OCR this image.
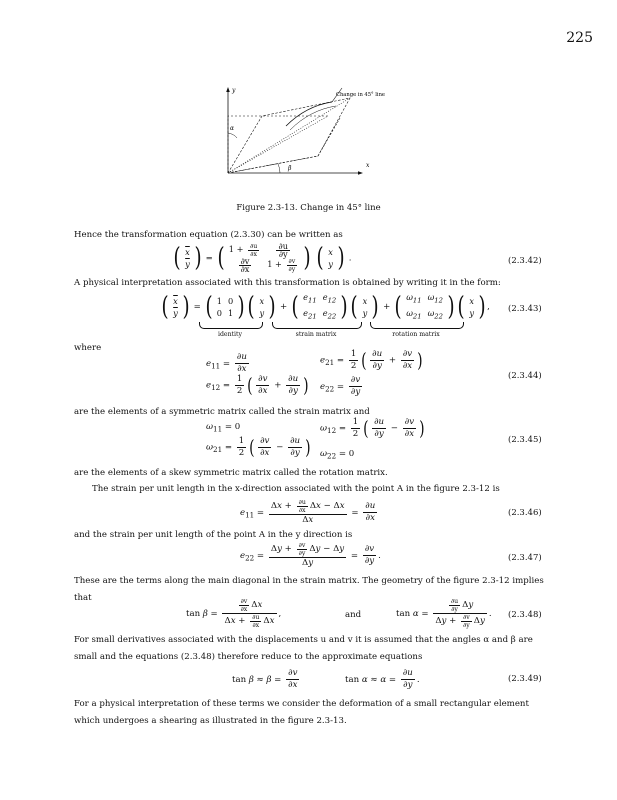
225
y
x
Change in 45° line
α
β
Figure 2.3-13. Change in 45° line
Hence the transformation equation (2.3.30) can be written as
( $\overline{x}$
$\overline{y}$ ) = ( $1 + \frac{\partial u}{\partial x}$	$\frac{\partial u}{\partial y}$

$\frac{\partial v}{\partial x}$	$1 + \frac{\partial v}{\partial y}$ ) ( x
y ) .	(2.3.42)
A physical interpretation associated with this transformation is obtained by writing it in the form:
( $\overline{x}$
$\overline{y}$ ) = ( 1	0
0	1 ) ( x
y ) + ( $e_{11}$	$e_{12}$
$e_{21}$	$e_{22}$ ) ( x
y ) + ( $\omega_{11}$	$\omega_{12}$
$\omega_{21}$	$\omega_{22}$ ) ( x
y ) , (2.3.43)
identity	strain matrix	rotation matrix
where
$e_{11} = \frac{\partial u}{\partial x}$	$e_{21} = \frac{1}{2}$ ( $\frac{\partial u}{\partial y} + \frac{\partial v}{\partial x}$ )
$e_{12} = \frac{1}{2}$ ( $\frac{\partial v}{\partial x} + \frac{\partial u}{\partial y}$ ) $e_{22} = \frac{\partial v}{\partial y}$	(2.3.44)
are the elements of a symmetric matrix called the strain matrix and
$\omega_{11} = 0$	$\omega_{12} = \frac{1}{2}$ ( $\frac{\partial u}{\partial y} - \frac{\partial v}{\partial x}$ )
$\omega_{21} = \frac{1}{2}$ ( $\frac{\partial v}{\partial x} - \frac{\partial u}{\partial y}$ ) $\omega_{22} = 0$
(2.3.45)
are the elements of a skew symmetric matrix called the rotation matrix.
The strain per unit length in the x-direction associated with the point A in the figure 2.3-12 is
$e_{11} = \frac{\Delta x + \frac{\partial u}{\partial x} \Delta x - \Delta x}{\Delta x} = \frac{\partial u}{\partial x}$	(2.3.46)
and the strain per unit length of the point A in the y direction is
$e_{22} = \frac{\Delta y + \frac{\partial v}{\partial y} \Delta y - \Delta y}{\Delta y} = \frac{\partial v}{\partial y}$ .	(2.3.47)
These are the terms along the main diagonal in the strain matrix. The geometry of the figure 2.3-12 implies that
$\tan \beta = \frac{\frac{\partial v}{\partial x} \Delta x}{\Delta x + \frac{\partial u}{\partial x} \Delta x}$ ,	and	$\tan \alpha = \frac{\frac{\partial u}{\partial y} \Delta y}{\Delta y + \frac{\partial v}{\partial y} \Delta y}$ . (2.3.48)
For small derivatives associated with the displacements u and v it is assumed that the angles α and β are small and the equations (2.3.48) therefore reduce to the approximate equations
$\tan \beta \approx \beta = \frac{\partial v}{\partial x}$	$\tan \alpha \approx \alpha = \frac{\partial u}{\partial y}$ .	(2.3.49)
For a physical interpretation of these terms we consider the deformation of a small rectangular element which undergoes a shearing as illustrated in the figure 2.3-13.
